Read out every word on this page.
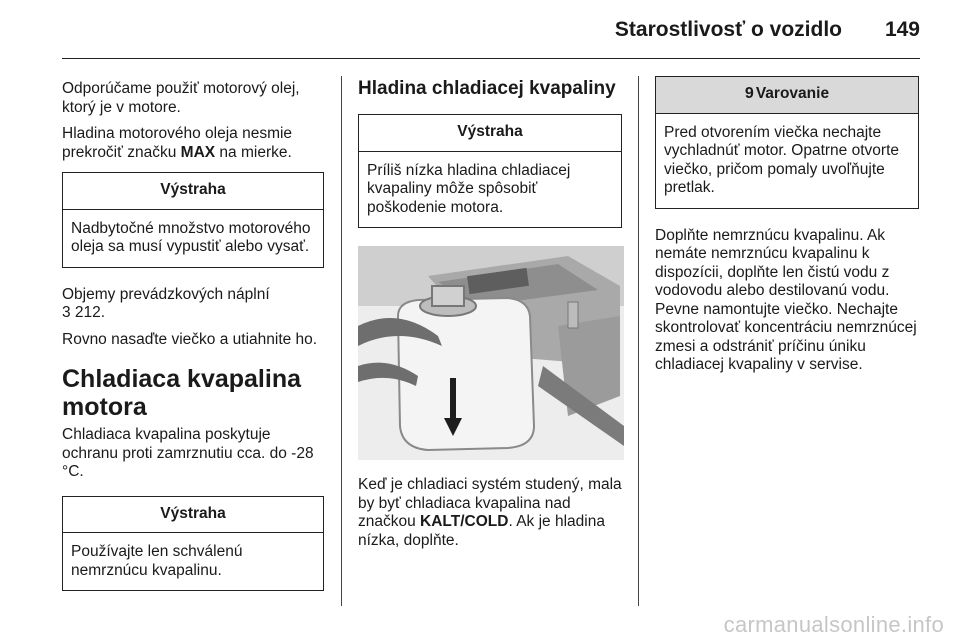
Starostlivosť o vozidlo 149

Odporúčame použiť motorový olej, ktorý je v motore.

Hladina motorového oleja nesmie prekročiť značku MAX na mierke.

Výstraha
Nadbytočné množstvo motorového oleja sa musí vypustiť alebo vysať.

Objemy prevádzkových náplní

3 212.

Rovno nasaďte viečko a utiahnite ho.

Chladiaca kvapalina motora

Chladiaca kvapalina poskytuje ochranu proti zamrznutiu cca. do -28 °C.

Výstraha
Používajte len schválenú nemrznúcu kvapalinu.
Hladina chladiacej kvapaliny
Výstraha
Príliš nízka hladina chladiacej kvapaliny môže spôsobiť poškodenie motora.

Keď je chladiaci systém studený, mala by byť chladiaca kvapalina nad značkou KALT/COLD. Ak je hladina nízka, doplňte.

9 Varovanie
Pred otvorením viečka nechajte vychladnúť motor. Opatrne otvorte viečko, pričom pomaly uvoľňujte pretlak.

Doplňte nemrznúcu kvapalinu. Ak nemáte nemrznúcu kvapalinu k dispozícii, doplňte len čistú vodu z vodovodu alebo destilovanú vodu. Pevne namontujte viečko. Nechajte skontrolovať koncentráciu nemrznúcej zmesi a odstrániť príčinu úniku chladiacej kvapaliny v servise.

carmanualsonline.info
